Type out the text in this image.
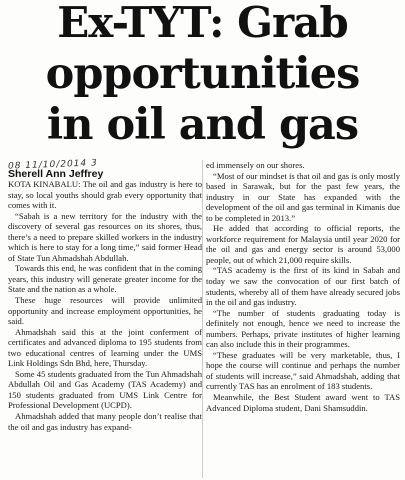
Ex-TYT: Grab
opportunities
in oil and gas
08 11/10/2014 3
Sherell Ann Jeffrey

KOTA KINABALU: The oil and gas industry is here to stay, so local youths should grab every opportunity that comes with it.

“Sabah is a new territory for the industry with the discovery of several gas resources on its shores, thus, there’s a need to prepare skilled workers in the industry which is here to stay for a long time,” said former Head of State Tun Ahmadshah Abdullah.

Towards this end, he was confident that in the coming years, this industry will generate greater income for the State and the nation as a whole.

These huge resources will provide unlimited opportunity and increase employment opportunities, he said.

Ahmadshah said this at the joint conferment of certificates and advanced diploma to 195 students from two educational centres of learning under the UMS Link Holdings Sdn Bhd, here, Thursday.

Some 45 students graduated from the Tun Ahmadshah Abdullah Oil and Gas Academy (TAS Academy) and 150 students graduated from UMS Link Centre for Professional Development (UCPD).

Ahmadshah added that many people don’t realise that the oil and gas industry has expand-

ed immensely on our shores.

“Most of our mindset is that oil and gas is only mostly based in Sarawak, but for the past few years, the industry in our State has expanded with the development of the oil and gas terminal in Kimanis due to be completed in 2013.”

He added that according to official reports, the workforce requirement for Malaysia until year 2020 for the oil and gas and energy sector is around 53,000 people, out of which 21,000 require skills.

“TAS academy is the first of its kind in Sabah and today we saw the convocation of our first batch of students, whereby all of them have already secured jobs in the oil and gas industry.

“The number of students graduating today is definitely not enough, hence we need to increase the numbers. Perhaps, private institutes of higher learning can also include this in their programmes.

“These graduates will be very marketable, thus, I hope the course will continue and perhaps the number of students will increase,” said Ahmadshah, adding that currently TAS has an enrolment of 183 students.

Meanwhile, the Best Student award went to TAS Advanced Diploma student, Dani Shamsuddin.
